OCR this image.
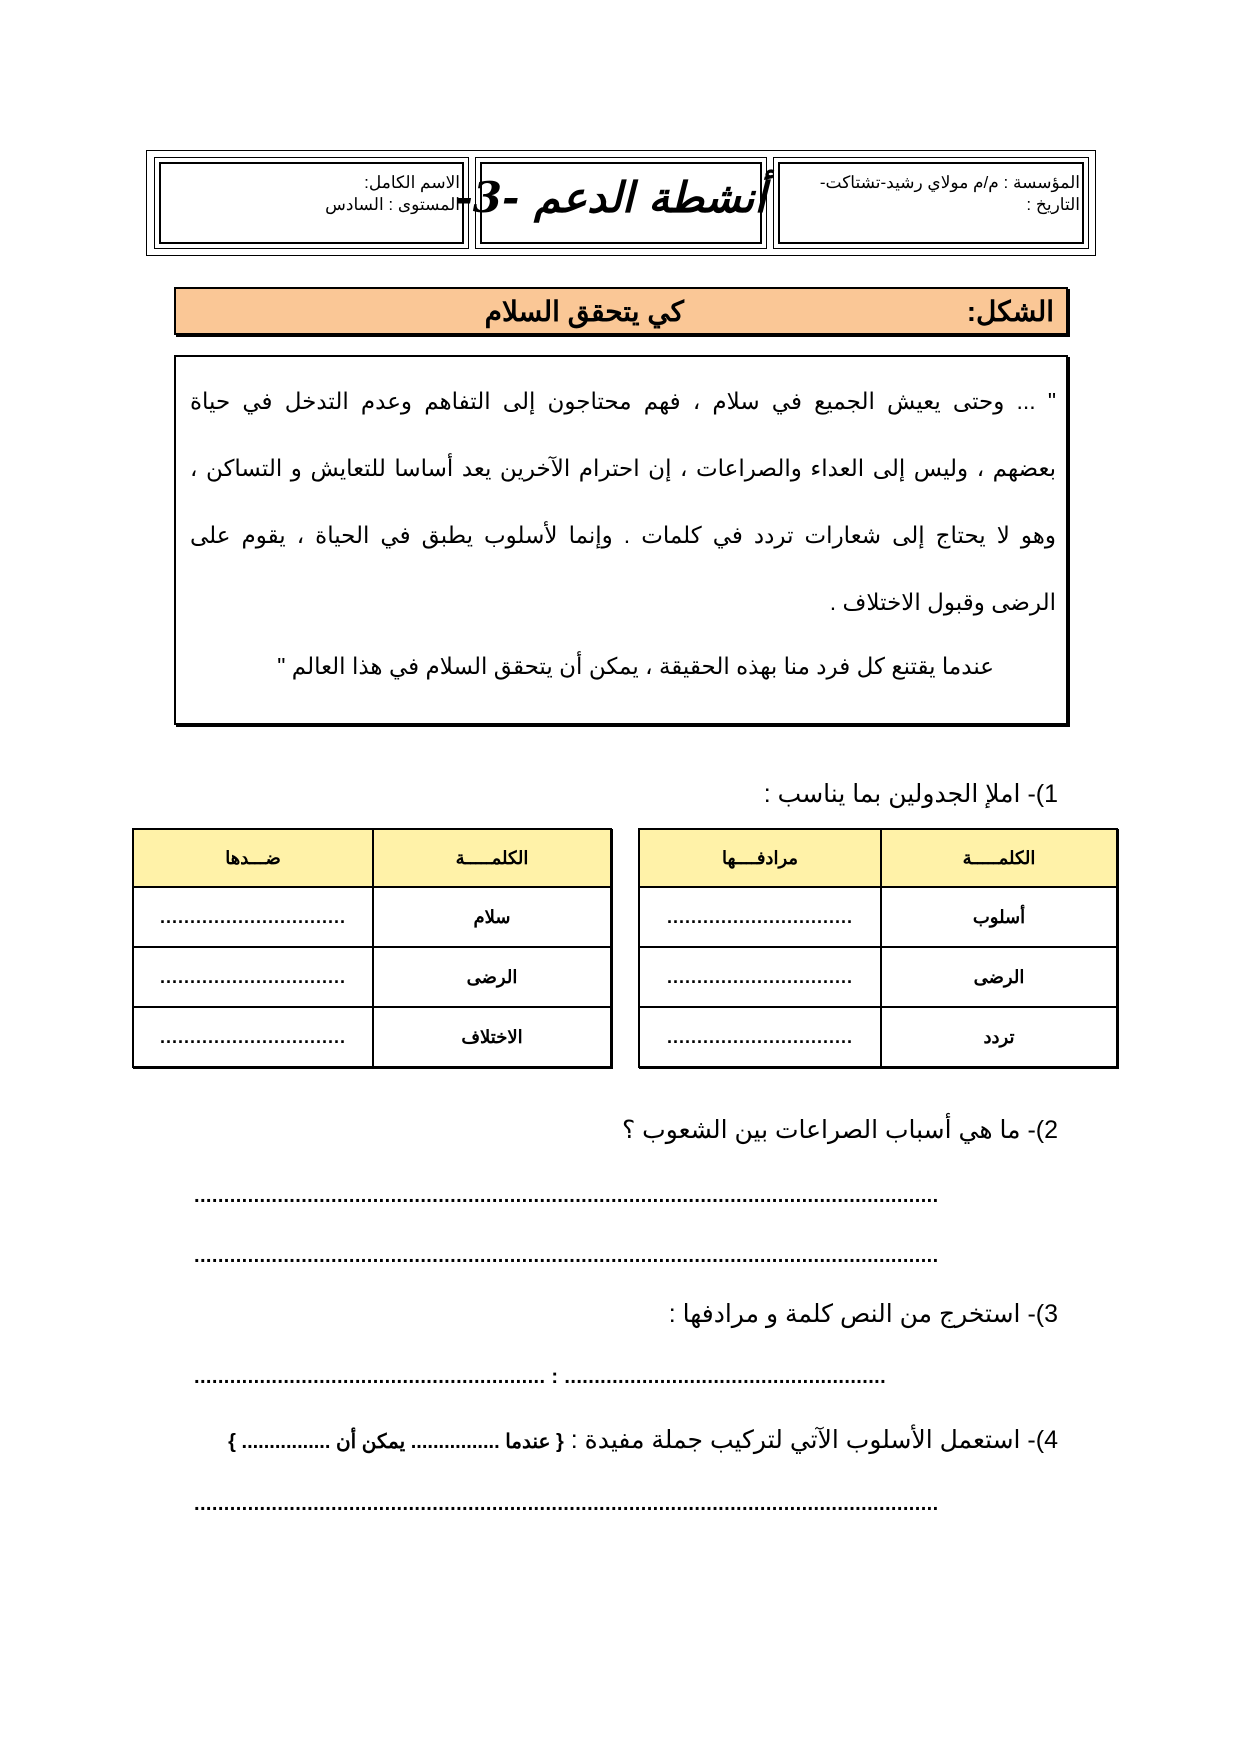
الاسم الكامل:
المستوى : السادس
أنشطة الدعم -3-	المؤسسة : م/م مولاي رشيد-تشتاكت-
التاريخ :
الشكل:
كي يتحقق السلام
" ... وحتى يعيش الجميع في سلام ، فهم محتاجون إلى التفاهم وعدم التدخل في حياة
بعضهم ، وليس إلى العداء والصراعات ، إن احترام الآخرين يعد أساسا للتعايش و التساكن ،
وهو لا يحتاج إلى شعارات تردد في كلمات . وإنما لأسلوب يطبق في الحياة ، يقوم على
الرضى وقبول الاختلاف .
عندما يقتنع كل فرد منا بهذه الحقيقة ، يمكن أن يتحقق السلام في هذا العالم "
1)- املإ الجدولين بما يناسب :
الكلمـــــة	مرادفــــها
أسلوب	...............................
الرضى	...............................
تردد	...............................
الكلمـــــة	ضـــدها
سلام	...............................
الرضى	...............................
الاختلاف	...............................
2)- ما هي أسباب الصراعات بين الشعوب ؟
.............................................................................................................................
.............................................................................................................................
3)- استخرج من النص كلمة و مرادفها :
........................................................... : ......................................................
4)- استعمل الأسلوب الآتي لتركيب جملة مفيدة : { عندما ................ يمكن أن ................ }
.............................................................................................................................
